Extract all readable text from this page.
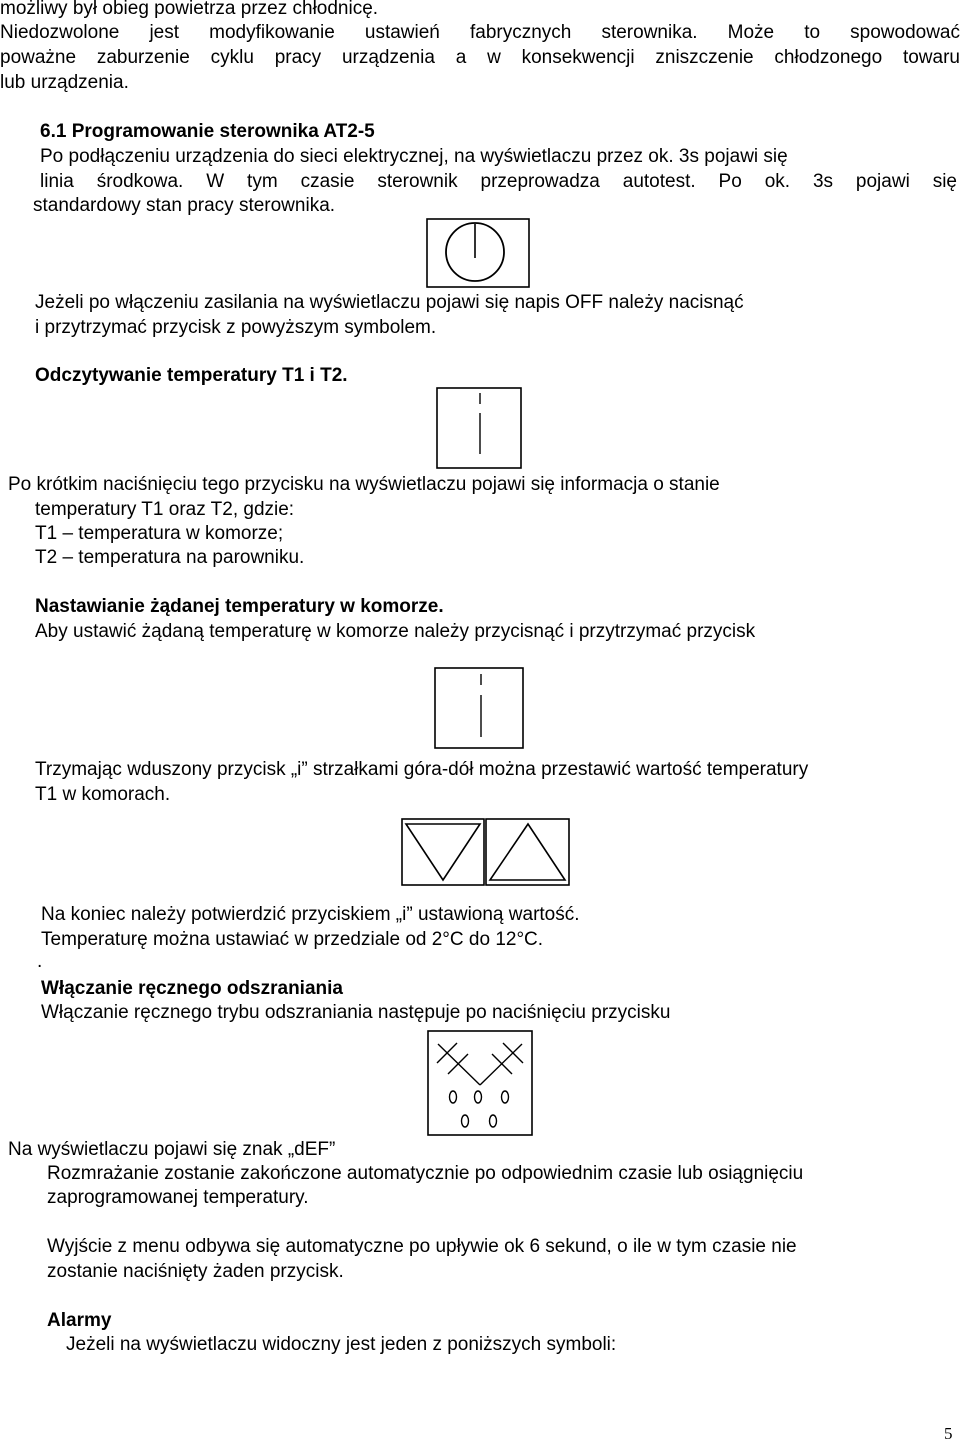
możliwy był obieg powietrza przez chłodnicę.
Niedozwolone jest modyfikowanie ustawień fabrycznych sterownika. Może to spowodować
poważne zaburzenie cyklu pracy urządzenia a w konsekwencji zniszczenie chłodzonego towaru
lub urządzenia.
6.1 Programowanie sterownika AT2-5
Po podłączeniu urządzenia do sieci elektrycznej, na wyświetlaczu przez ok. 3s pojawi się
linia środkowa. W tym czasie sterownik przeprowadza autotest. Po ok. 3s pojawi się
standardowy stan pracy sterownika.
Jeżeli po włączeniu zasilania na wyświetlaczu pojawi się napis OFF należy nacisnąć
i przytrzymać przycisk z powyższym symbolem.
Odczytywanie temperatury T1 i T2.
Po krótkim naciśnięciu tego przycisku na wyświetlaczu pojawi się informacja o stanie
temperatury T1 oraz T2, gdzie:
T1 – temperatura w komorze;
T2 – temperatura na parowniku.
Nastawianie żądanej temperatury w komorze.
Aby ustawić żądaną temperaturę w komorze należy przycisnąć i przytrzymać przycisk
Trzymając wduszony przycisk „i” strzałkami góra-dół można przestawić wartość temperatury
T1 w komorach.
Na koniec należy potwierdzić przyciskiem „i” ustawioną wartość.
Temperaturę można ustawiać w przedziale od 2°C do 12°C.
.
Włączanie ręcznego odszraniania
Włączanie ręcznego trybu odszraniania następuje po naciśnięciu przycisku
Na wyświetlaczu pojawi się znak „dEF”
Rozmrażanie zostanie zakończone automatycznie po odpowiednim czasie lub osiągnięciu
zaprogramowanej temperatury.
Wyjście z menu odbywa się automatyczne po upływie ok 6 sekund, o ile w tym czasie nie
zostanie naciśnięty żaden przycisk.
Alarmy
Jeżeli na wyświetlaczu widoczny jest jeden z poniższych symboli:
5
